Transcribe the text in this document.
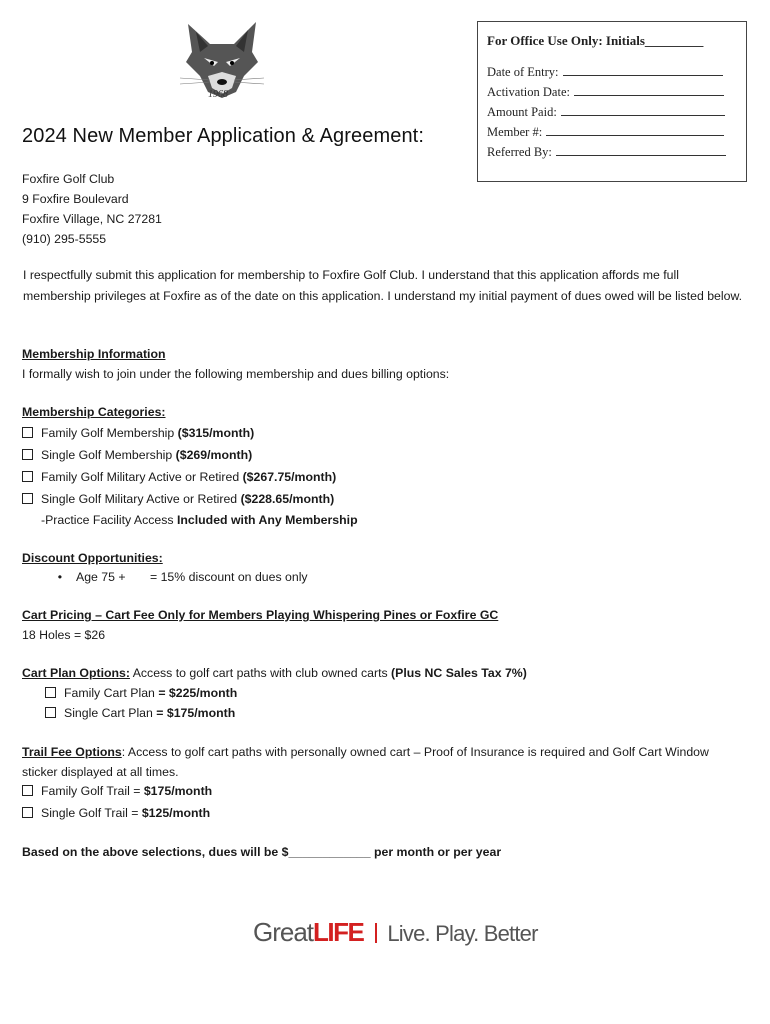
1968
For Office Use Only: Initials_________
Date of Entry:
Activation Date:
Amount Paid:
Member #:
Referred By:
2024 New Member Application & Agreement:
Foxfire Golf Club
9 Foxfire Boulevard
Foxfire Village, NC 27281
(910) 295-5555
I respectfully submit this application for membership to Foxfire Golf Club. I understand that this application affords me full membership privileges at Foxfire as of the date on this application. I understand my initial payment of dues owed will be listed below.
Membership Information
I formally wish to join under the following membership and dues billing options:
Membership Categories:
Family Golf Membership ($315/month)
Single Golf Membership ($269/month)
Family Golf Military Active or Retired ($267.75/month)
Single Golf Military Active or Retired ($228.65/month)
-Practice Facility Access Included with Any Membership
Discount Opportunities:
• Age 75 + = 15% discount on dues only
Cart Pricing – Cart Fee Only for Members Playing Whispering Pines or Foxfire GC
18 Holes = $26
Cart Plan Options: Access to golf cart paths with club owned carts (Plus NC Sales Tax 7%)
Family Cart Plan = $225/month
Single Cart Plan = $175/month
Trail Fee Options: Access to golf cart paths with personally owned cart – Proof of Insurance is required and Golf Cart Window
sticker displayed at all times.
Family Golf Trail = $175/month
Single Golf Trail = $125/month
Based on the above selections, dues will be $____________ per month or per year
GreatLIFE Live. Play. Better
